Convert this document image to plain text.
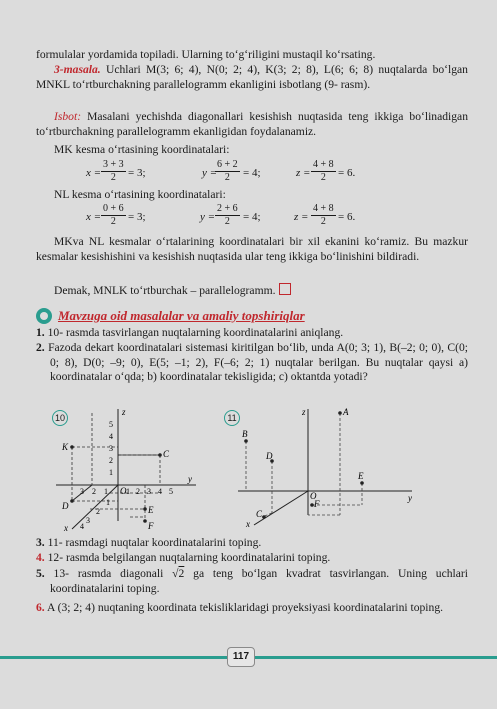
formulalar yordamida topiladi. Ularning to‘g‘riligini mustaqil ko‘rsating.
3-masala. Uchlari M(3; 6; 4), N(0; 2; 4), K(3; 2; 8), L(6; 6; 8) nuqtalarda bo‘lgan MNKL to‘rtburchakning parallelogramm ekanligini isbotlang (9- rasm).
Isbot: Masalani yechishda diagonallari kesishish nuqtasida teng ikkiga bo‘linadigan to‘rtburchakning parallelogramm ekanligidan foydalanamiz.
MK kesma o‘rtasining koordinatalari:
$x = \frac{3 + 3}{2} = 3$;	y =
$\frac{6 + 2}{2} = 4$;	$z = \frac{4 + 8}{2} = 6$.
NL kesma o‘rtasining koordinatalari:
$x = \frac{0 + 6}{2} = 3$;	$y = \frac{2 + 6}{2} = 4$;	$z = \frac{4 + 8}{2} = 6$.
MKva NL kesmalar o‘rtalarining koordinatalari bir xil ekanini ko‘ramiz. Bu mazkur kesmalar kesishishini va kesishish nuqtasida ular teng ikkiga bo‘linishini bildiradi.
Demak, MNLK to‘rtburchak – parallelogramm.
Mavzuga oid masalalar va amaliy topshiriqlar
1. 10- rasmda tasvirlangan nuqtalarning koordinatalarini aniqlang.
2. Fazoda dekart koordinatalari sistemasi kiritilgan bo‘lib, unda A(0; 3; 1), B(–2; 0; 0), C(0; 0; 8), D(0; –9; 0), E(5; –1; 2), F(–6; 2; 1) nuqtalar berilgan. Bu nuqtalar qaysi a) koordinatalar o‘qda; b) koordinatalar tekisligida; c) oktantda yotadi?
10
z
y
x
O
K
C
D	E
F
5
4
3
2
1
1 2 3 4 5
3 2 1
1
2
3
4
11
z
y
x
O
A
B
C
D
E
F
3. 11- rasmdagi nuqtalar koordinatalarini toping.
4. 12- rasmda belgilangan nuqtalarning koordinatalarini toping.
5. 13- rasmda diagonali √2 ga teng bo‘lgan kvadrat tasvirlangan. Uning uchlari koordinatalarini toping.
6. A (3; 2; 4) nuqtaning koordinata tekisliklaridagi proyeksiyasi koordinatalarini toping.
117
